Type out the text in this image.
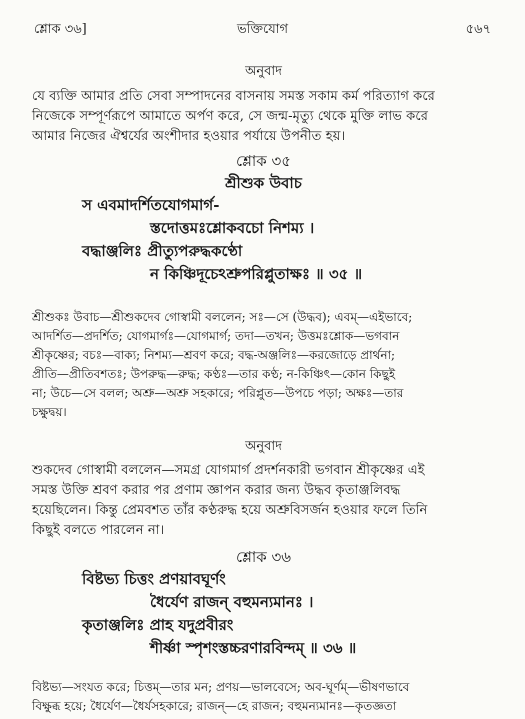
শ্লোক ৩৬]	ভক্তিযোগ	৫৬৭

অনুবাদ

যে ব্যক্তি আমার প্রতি সেবা সম্পাদনের বাসনায় সমস্ত সকাম কর্ম পরিত্যাগ করে

নিজেকে সম্পূর্ণরূপে আমাতে অর্পণ করে, সে জন্ম-মৃত্যু থেকে মুক্তি লাভ করে

আমার নিজের ঐশ্বর্যের অংশীদার হওয়ার পর্যায়ে উপনীত হয়।

শ্লোক ৩৫

শ্রীশুক উবাচ

স এবমাদর্শিতযোগমার্গ-

স্তদোত্তমঃশ্লোকবচো নিশম্য ।

বদ্ধাঞ্জলিঃ প্রীত্যুপরুদ্ধকণ্ঠো

ন কিঞ্চিদূচেঽশ্রুপরিপ্লুতাক্ষঃ ॥ ৩৫ ॥

শ্রীশুকঃ উবাচ—শ্রীশুকদেব গোস্বামী বললেন; সঃ—সে (উদ্ধব); এবম্—এইভাবে;

আদর্শিত—প্রদর্শিত; যোগমার্গঃ—যোগমার্গ; তদা—তখন; উত্তমঃশ্লোক—ভগবান

শ্রীকৃষ্ণের; বচঃ—বাক্য; নিশম্য—শ্রবণ করে; বদ্ধ-অঞ্জলিঃ—করজোড়ে প্রার্থনা;

প্রীতি—প্রীতিবশতঃ; উপরুদ্ধ—রুদ্ধ; কণ্ঠঃ—তার কণ্ঠ; ন-কিঞ্চিৎ—কোন কিছুই

না; উচে—সে বলল; অশ্রু—অশ্রু সহকারে; পরিপ্লুত—উপচে পড়া; অক্ষঃ—তার

চক্ষুদ্বয়।

অনুবাদ

শুকদেব গোস্বামী বললেন—সমগ্র যোগমার্গ প্রদর্শনকারী ভগবান শ্রীকৃষ্ণের এই

সমস্ত উক্তি শ্রবণ করার পর প্রণাম জ্ঞাপন করার জন্য উদ্ধব কৃতাঞ্জলিবদ্ধ

হয়েছিলেন। কিন্তু প্রেমবশত তাঁর কণ্ঠরুদ্ধ হয়ে অশ্রুবিসর্জন হওয়ার ফলে তিনি

কিছুই বলতে পারলেন না।

শ্লোক ৩৬

বিষ্টভ্য চিত্তং প্রণয়াবঘূর্ণং

ধৈর্যেণ রাজন্ বহুমন্যমানঃ ।

কৃতাঞ্জলিঃ প্রাহ যদুপ্রবীরং

শীর্ষ্ণা স্পৃশংস্তচ্চরণারবিন্দম্ ॥ ৩৬ ॥

বিষ্টভ্য—সংযত করে; চিত্তম্—তার মন; প্রণয়—ভালবেসে; অব-ঘূর্ণম্—ভীষণভাবে

বিক্ষুব্ধ হয়ে; ধৈর্যেণ—ধৈর্যসহকারে; রাজন্—হে রাজন; বহুমন্যমানঃ—কৃতজ্ঞতা
